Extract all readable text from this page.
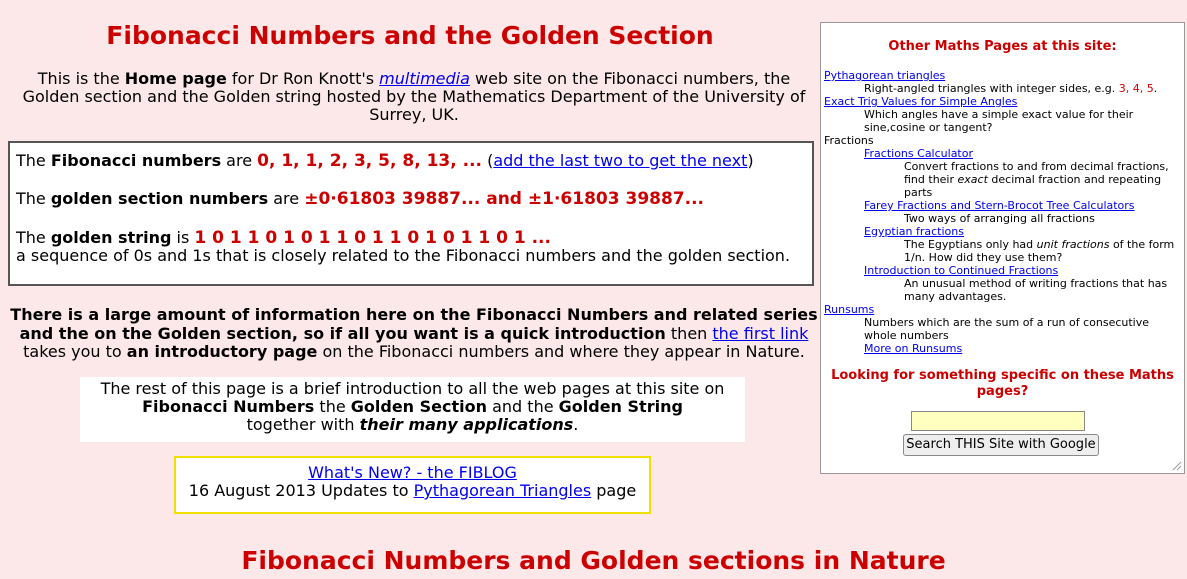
Fibonacci Numbers and the Golden Section
This is the Home page for Dr Ron Knott's multimedia web site on the Fibonacci numbers, the Golden section and the Golden string hosted by the Mathematics Department of the University of Surrey, UK.

The Fibonacci numbers are 0, 1, 1, 2, 3, 5, 8, 13, ... (add the last two to get the next)

The golden section numbers are ±0·61803 39887... and ±1·61803 39887...

The golden string is 1 0 1 1 0 1 0 1 1 0 1 1 0 1 0 1 1 0 1 ...
a sequence of 0s and 1s that is closely related to the Fibonacci numbers and the golden section.

There is a large amount of information here on the Fibonacci Numbers and related series and the on the Golden section, so if all you want is a quick introduction then the first link
takes you to an introductory page on the Fibonacci numbers and where they appear in Nature.
The rest of this page is a brief introduction to all the web pages at this site on
Fibonacci Numbers the Golden Section and the Golden String
together with their many applications.
What's New? - the FIBLOG
16 August 2013 Updates to Pythagorean Triangles page
Fibonacci Numbers and Golden sections in Nature
Other Maths Pages at this site:
Pythagorean triangles
Right-angled triangles with integer sides, e.g. 3, 4, 5.
Exact Trig Values for Simple Angles
Which angles have a simple exact value for their sine,cosine or tangent?
Fractions
Fractions Calculator
Convert fractions to and from decimal fractions, find their exact decimal fraction and repeating parts
Farey Fractions and Stern-Brocot Tree Calculators
Two ways of arranging all fractions
Egyptian fractions
The Egyptians only had unit fractions of the form 1/n. How did they use them?
Introduction to Continued Fractions
An unusual method of writing fractions that has many advantages.
Runsums
Numbers which are the sum of a run of consecutive whole numbers
More on Runsums
Looking for something specific on these Maths pages?
Search THIS Site with Google
